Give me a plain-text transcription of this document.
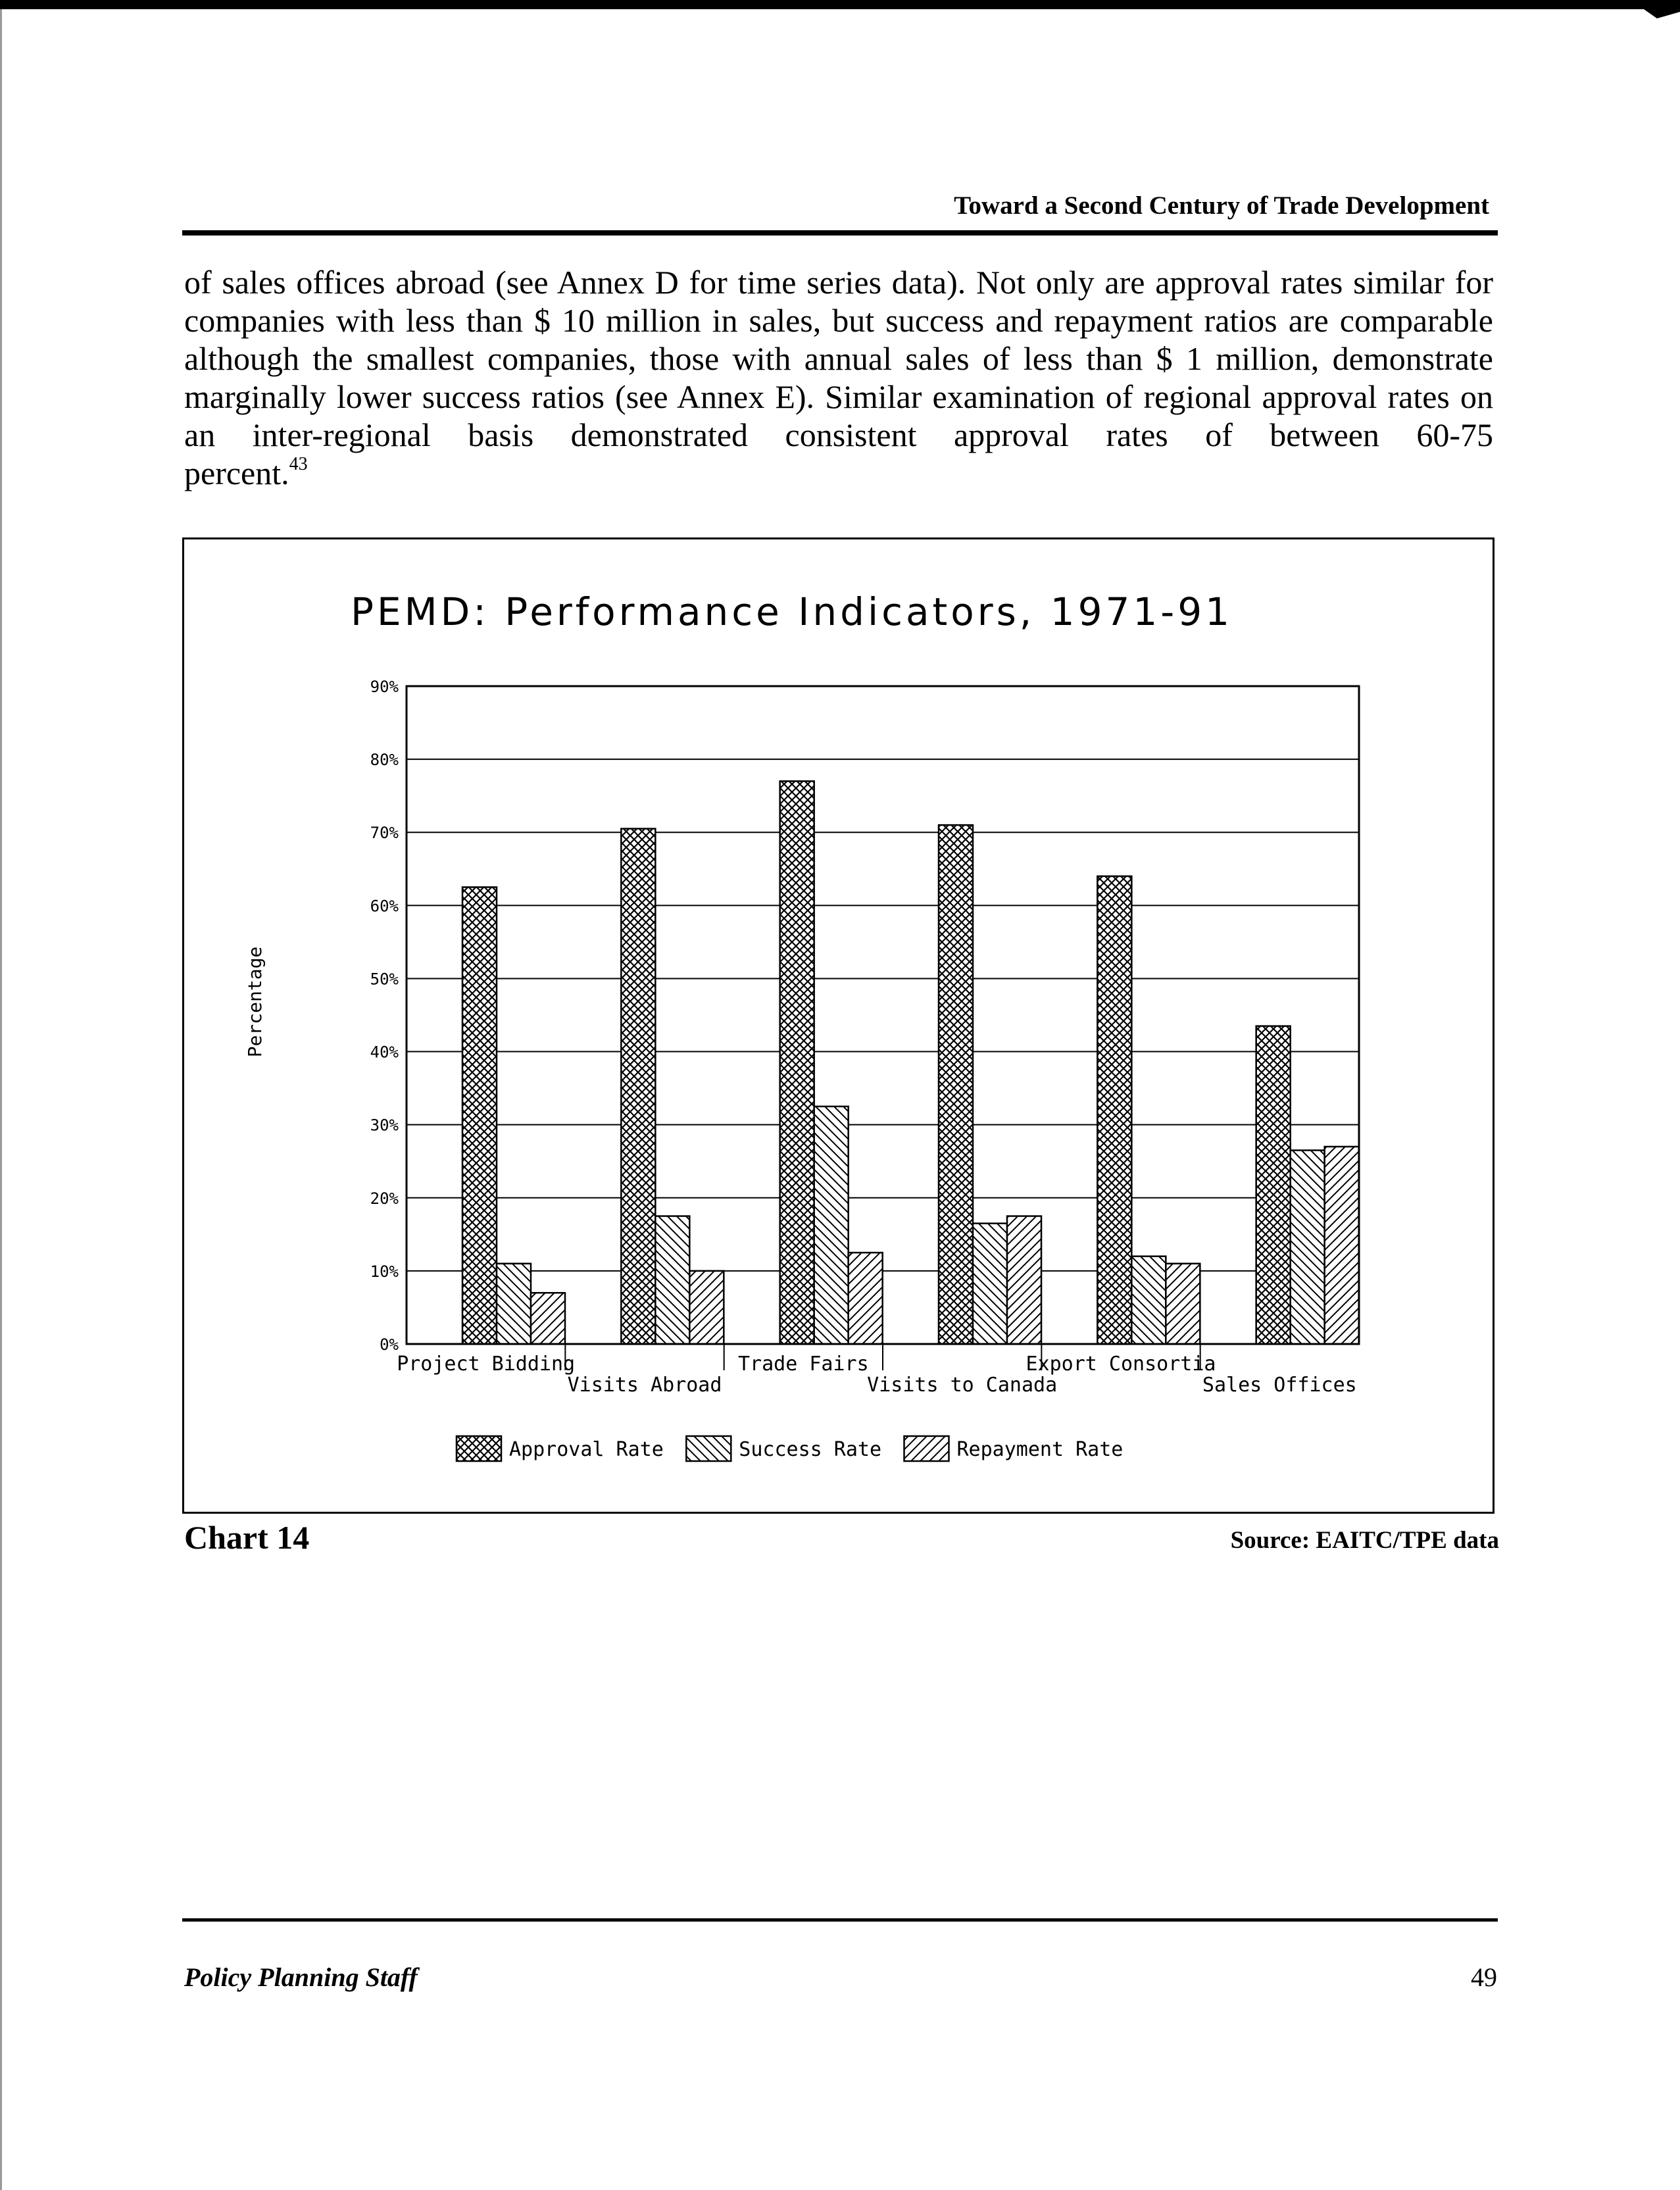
Toward a Second Century of Trade Development
of sales offices abroad (see Annex D for time series data). Not only are approval rates similar for companies with less than $ 10 million in sales, but success and repayment ratios are comparable although the smallest companies, those with annual sales of less than $ 1 million, demonstrate marginally lower success ratios (see Annex E). Similar examination of regional approval rates on an inter-regional basis demonstrated consistent approval rates of between 60-75
percent.$^{43}$
PEMD: Performance Indicators, 1971-91
Percentage
0%
10%
20%
30%
40%
50%
60%
70%
80%
90%
Project Bidding
Visits Abroad
Trade Fairs
Visits to Canada
Export Consortia
Sales Offices
Approval Rate	Success Rate	Repayment Rate
Chart 14	Source: EAITC/TPE data
Policy Planning Staff	49
